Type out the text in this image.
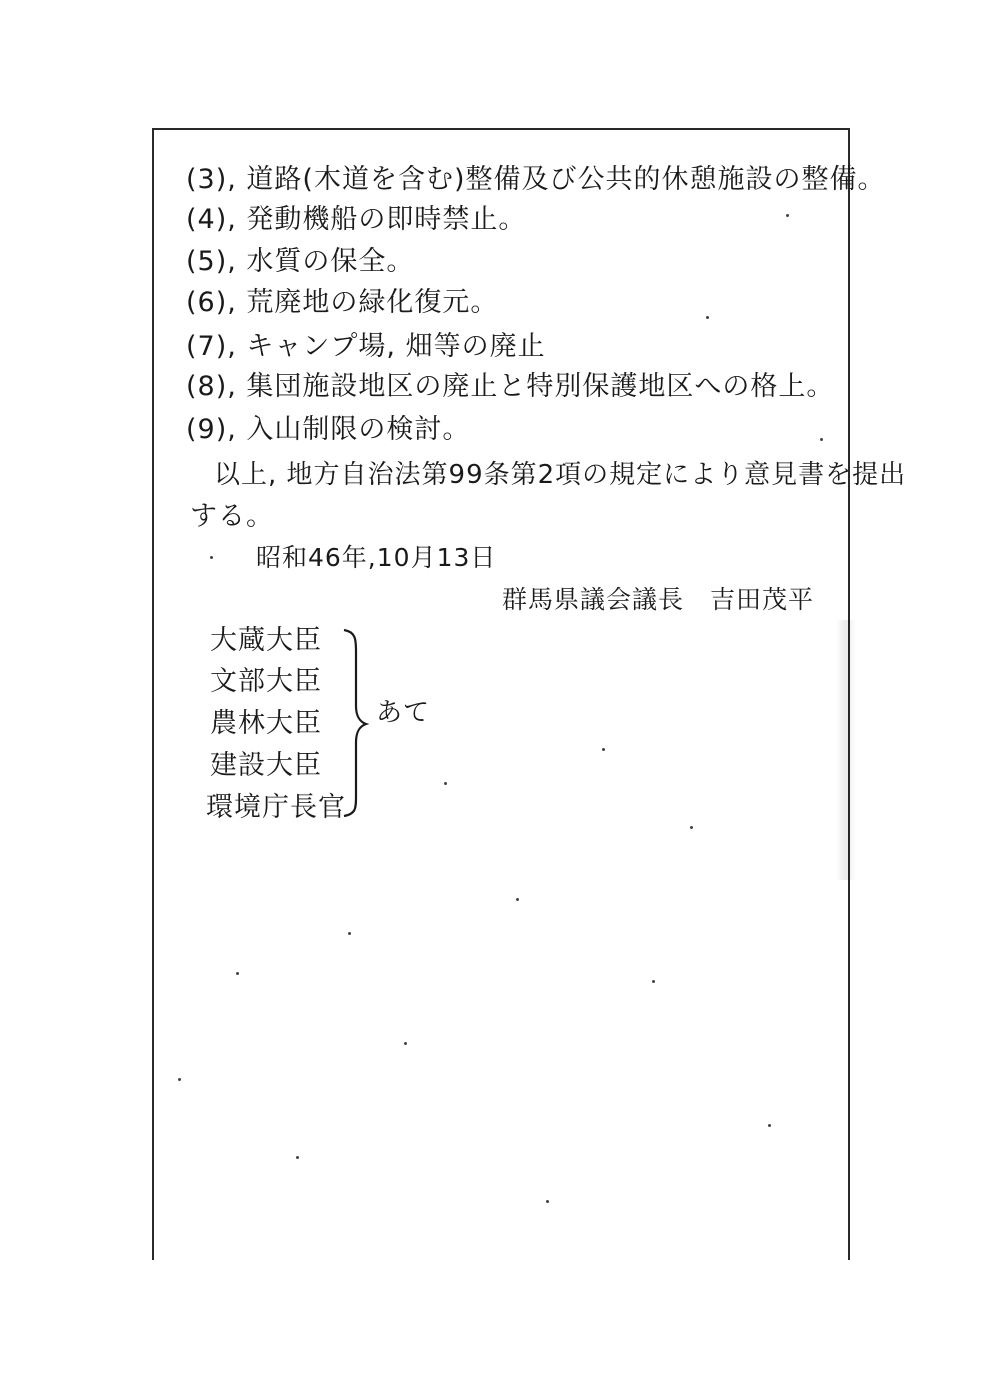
(3), 道路(木道を含む)整備及び公共的休憩施設の整備。
(4), 発動機船の即時禁止。
(5), 水質の保全。
(6), 荒廃地の緑化復元。
(7), キャンプ場, 畑等の廃止
(8), 集団施設地区の廃止と特別保護地区への格上。
(9), 入山制限の検討。
以上, 地方自治法第99条第2項の規定により意見書を提出
する。
昭和46年,10月13日
群馬県議会議長　吉田茂平
大蔵大臣
文部大臣
農林大臣
建設大臣
環境庁長官
あて
